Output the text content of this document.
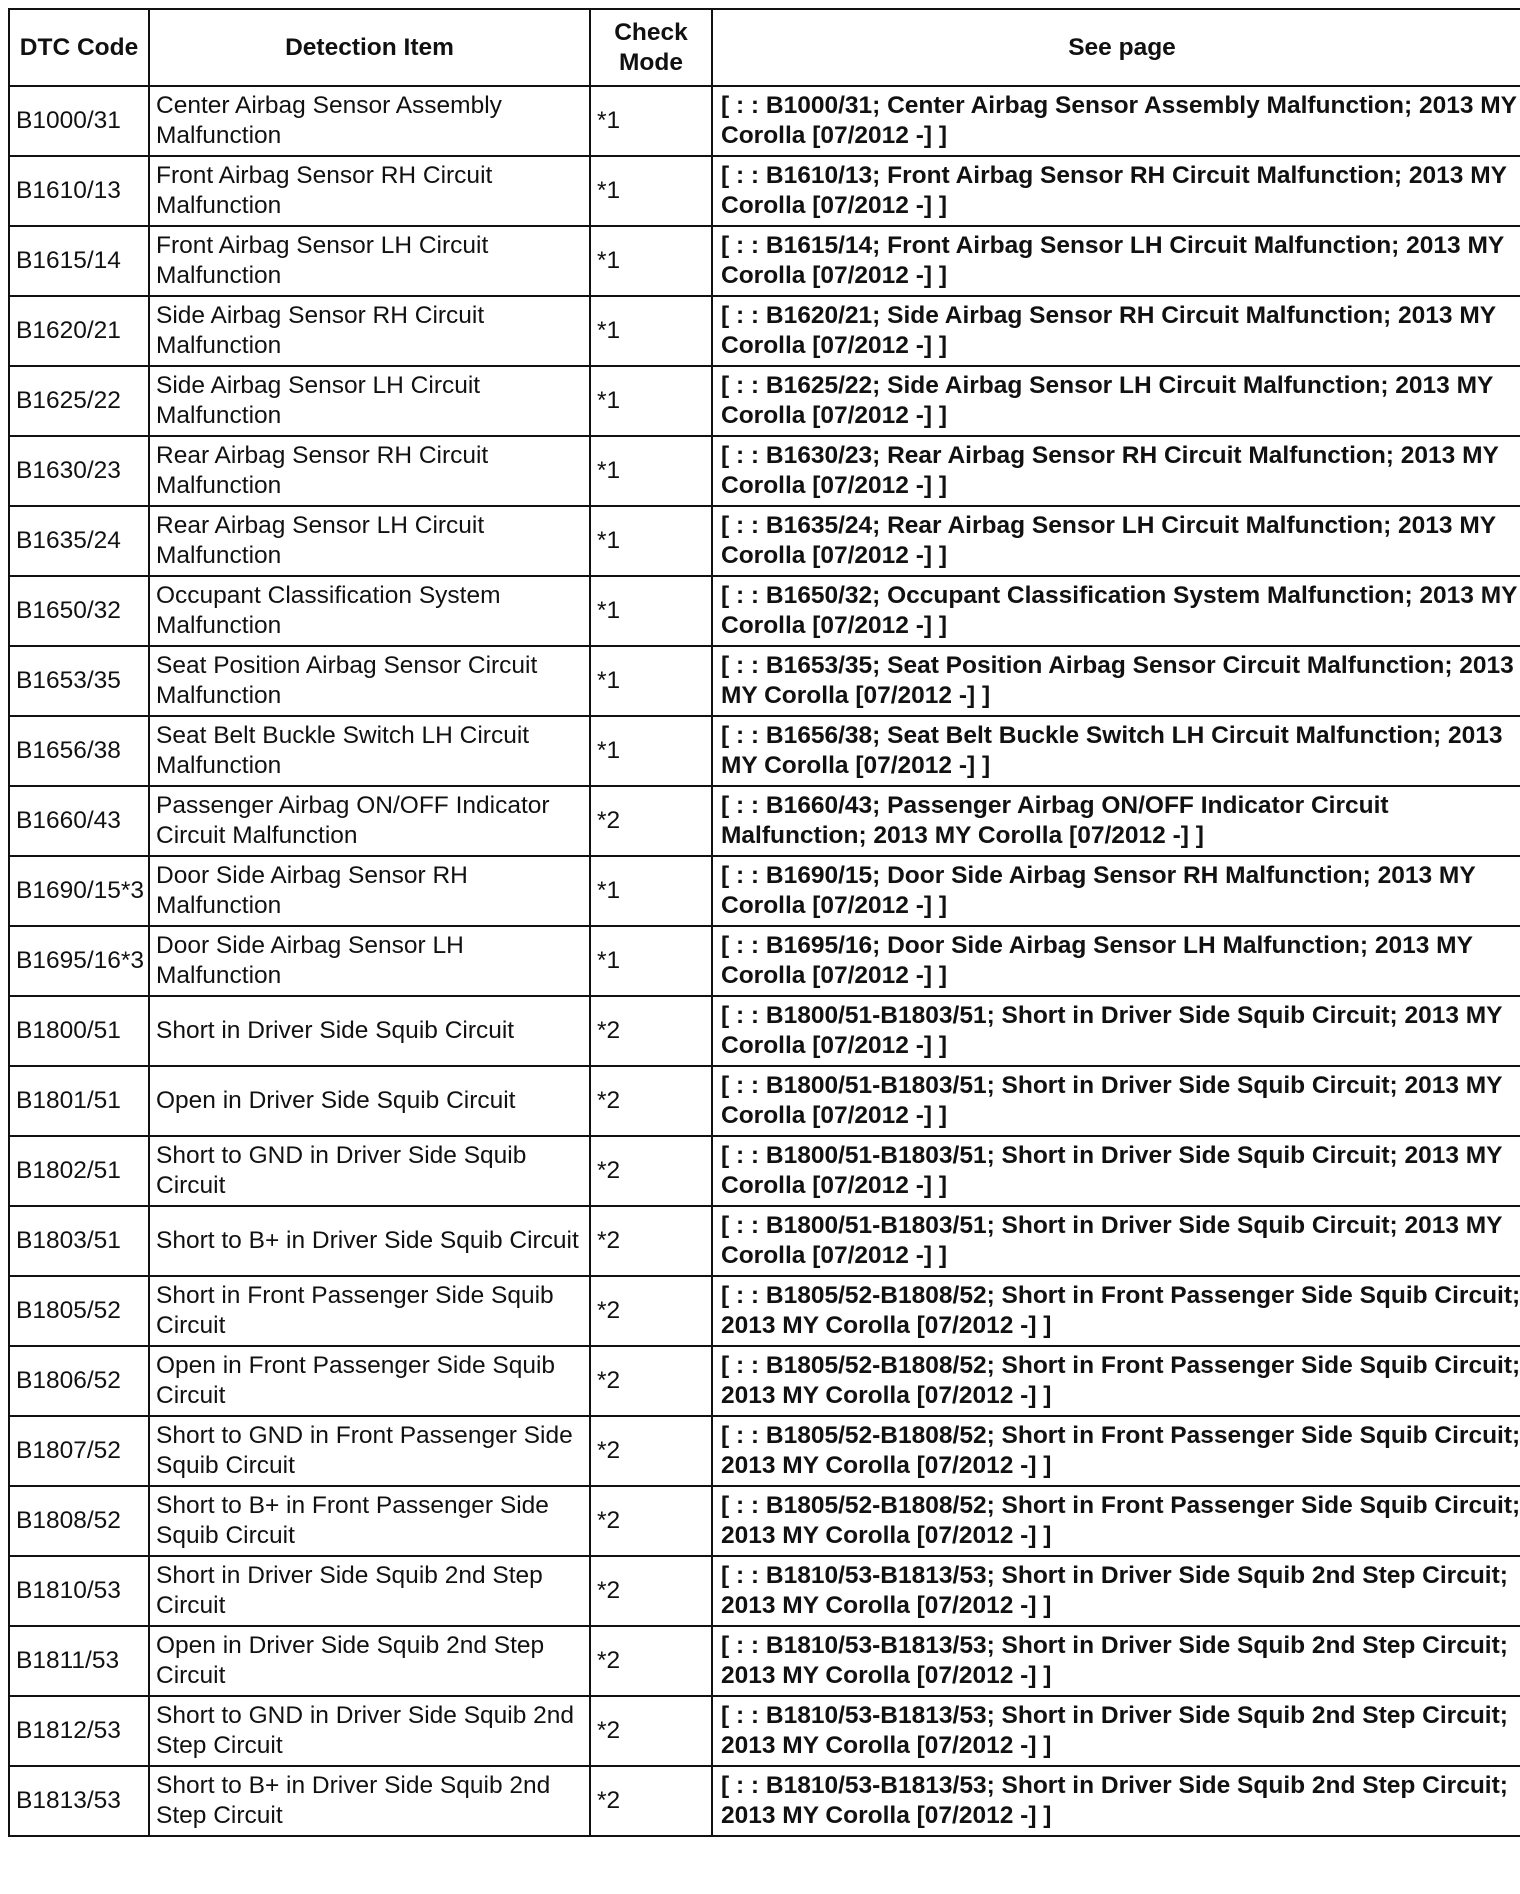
DTC Code	Detection Item	Check Mode	See page
B1000/31	Center Airbag Sensor Assembly Malfunction	*1	[ : : B1000/31; Center Airbag Sensor Assembly Malfunction; 2013 MY Corolla [07/2012 -] ]
B1610/13	Front Airbag Sensor RH Circuit Malfunction	*1	[ : : B1610/13; Front Airbag Sensor RH Circuit Malfunction; 2013 MY Corolla [07/2012 -] ]
B1615/14	Front Airbag Sensor LH Circuit Malfunction	*1	[ : : B1615/14; Front Airbag Sensor LH Circuit Malfunction; 2013 MY Corolla [07/2012 -] ]
B1620/21	Side Airbag Sensor RH Circuit Malfunction	*1	[ : : B1620/21; Side Airbag Sensor RH Circuit Malfunction; 2013 MY Corolla [07/2012 -] ]
B1625/22	Side Airbag Sensor LH Circuit Malfunction	*1	[ : : B1625/22; Side Airbag Sensor LH Circuit Malfunction; 2013 MY Corolla [07/2012 -] ]
B1630/23	Rear Airbag Sensor RH Circuit Malfunction	*1	[ : : B1630/23; Rear Airbag Sensor RH Circuit Malfunction; 2013 MY Corolla [07/2012 -] ]
B1635/24	Rear Airbag Sensor LH Circuit Malfunction	*1	[ : : B1635/24; Rear Airbag Sensor LH Circuit Malfunction; 2013 MY Corolla [07/2012 -] ]
B1650/32	Occupant Classification System Malfunction	*1	[ : : B1650/32; Occupant Classification System Malfunction; 2013 MY Corolla [07/2012 -] ]
B1653/35	Seat Position Airbag Sensor Circuit Malfunction	*1	[ : : B1653/35; Seat Position Airbag Sensor Circuit Malfunction; 2013 MY Corolla [07/2012 -] ]
B1656/38	Seat Belt Buckle Switch LH Circuit Malfunction	*1	[ : : B1656/38; Seat Belt Buckle Switch LH Circuit Malfunction; 2013 MY Corolla [07/2012 -] ]
B1660/43	Passenger Airbag ON/OFF Indicator Circuit Malfunction	*2	[ : : B1660/43; Passenger Airbag ON/OFF Indicator Circuit Malfunction; 2013 MY Corolla [07/2012 -] ]
B1690/15*3	Door Side Airbag Sensor RH Malfunction	*1	[ : : B1690/15; Door Side Airbag Sensor RH Malfunction; 2013 MY Corolla [07/2012 -] ]
B1695/16*3	Door Side Airbag Sensor LH Malfunction	*1	[ : : B1695/16; Door Side Airbag Sensor LH Malfunction; 2013 MY Corolla [07/2012 -] ]
B1800/51	Short in Driver Side Squib Circuit	*2	[ : : B1800/51-B1803/51; Short in Driver Side Squib Circuit; 2013 MY Corolla [07/2012 -] ]
B1801/51	Open in Driver Side Squib Circuit	*2	[ : : B1800/51-B1803/51; Short in Driver Side Squib Circuit; 2013 MY Corolla [07/2012 -] ]
B1802/51	Short to GND in Driver Side Squib Circuit	*2	[ : : B1800/51-B1803/51; Short in Driver Side Squib Circuit; 2013 MY Corolla [07/2012 -] ]
B1803/51	Short to B+ in Driver Side Squib Circuit	*2	[ : : B1800/51-B1803/51; Short in Driver Side Squib Circuit; 2013 MY Corolla [07/2012 -] ]
B1805/52	Short in Front Passenger Side Squib Circuit	*2	[ : : B1805/52-B1808/52; Short in Front Passenger Side Squib Circuit; 2013 MY Corolla [07/2012 -] ]
B1806/52	Open in Front Passenger Side Squib Circuit	*2	[ : : B1805/52-B1808/52; Short in Front Passenger Side Squib Circuit; 2013 MY Corolla [07/2012 -] ]
B1807/52	Short to GND in Front Passenger Side Squib Circuit	*2	[ : : B1805/52-B1808/52; Short in Front Passenger Side Squib Circuit; 2013 MY Corolla [07/2012 -] ]
B1808/52	Short to B+ in Front Passenger Side Squib Circuit	*2	[ : : B1805/52-B1808/52; Short in Front Passenger Side Squib Circuit; 2013 MY Corolla [07/2012 -] ]
B1810/53	Short in Driver Side Squib 2nd Step Circuit	*2	[ : : B1810/53-B1813/53; Short in Driver Side Squib 2nd Step Circuit; 2013 MY Corolla [07/2012 -] ]
B1811/53	Open in Driver Side Squib 2nd Step Circuit	*2	[ : : B1810/53-B1813/53; Short in Driver Side Squib 2nd Step Circuit; 2013 MY Corolla [07/2012 -] ]
B1812/53	Short to GND in Driver Side Squib 2nd Step Circuit	*2	[ : : B1810/53-B1813/53; Short in Driver Side Squib 2nd Step Circuit; 2013 MY Corolla [07/2012 -] ]
B1813/53	Short to B+ in Driver Side Squib 2nd Step Circuit	*2	[ : : B1810/53-B1813/53; Short in Driver Side Squib 2nd Step Circuit; 2013 MY Corolla [07/2012 -] ]
